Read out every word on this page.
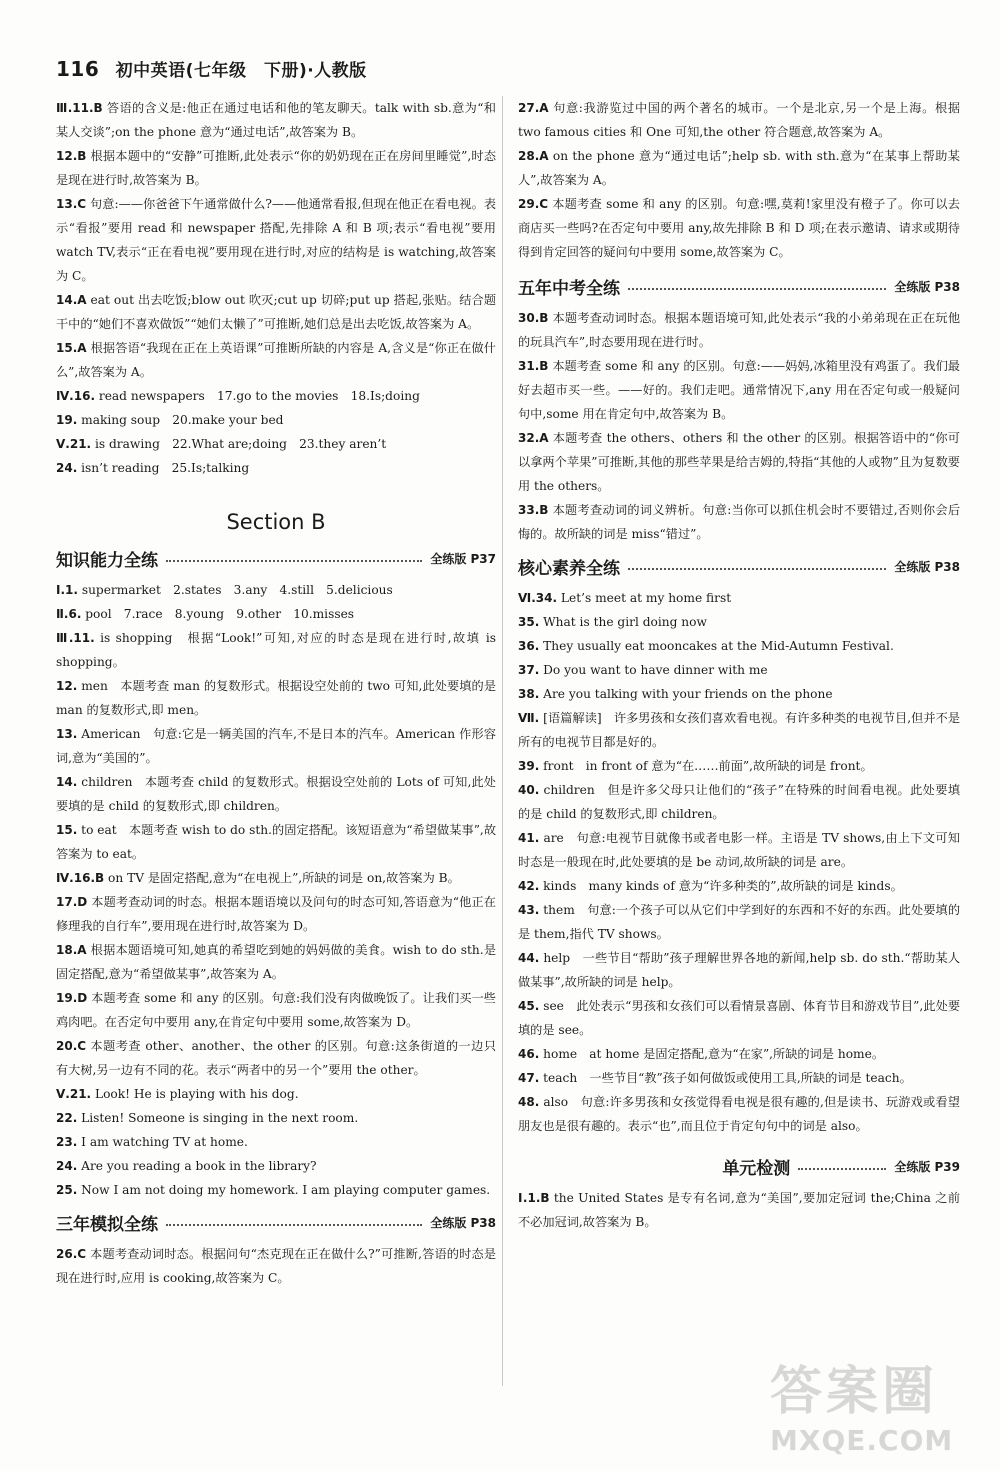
116 初中英语(七年级　下册)·人教版

Ⅲ.11.B 答语的含义是:他正在通过电话和他的笔友聊天。talk with sb.意为“和某人交谈”;on the phone 意为“通过电话”,故答案为 B。

12.B 根据本题中的“安静”可推断,此处表示“你的奶奶现在正在房间里睡觉”,时态是现在进行时,故答案为 B。

13.C 句意:——你爸爸下午通常做什么?——他通常看报,但现在他正在看电视。表示“看报”要用 read 和 newspaper 搭配,先排除 A 和 B 项;表示“看电视”要用 watch TV,表示“正在看电视”要用现在进行时,对应的结构是 is watching,故答案为 C。

14.A eat out 出去吃饭;blow out 吹灭;cut up 切碎;put up 搭起,张贴。结合题干中的“她们不喜欢做饭”“她们太懒了”可推断,她们总是出去吃饭,故答案为 A。

15.A 根据答语“我现在正在上英语课”可推断所缺的内容是 A,含义是“你正在做什么”,故答案为 A。

Ⅳ.16. read newspapers　17.go to the movies　18.Is;doing

19. making soup　20.make your bed

Ⅴ.21. is drawing　22.What are;doing　23.they aren’t

24. isn’t reading　25.Is;talking

Section B
知识能力全练	全练版 P37

Ⅰ.1. supermarket　2.states　3.any　4.still　5.delicious

Ⅱ.6. pool　7.race　8.young　9.other　10.misses

Ⅲ.11. is shopping　根据“Look!”可知,对应的时态是现在进行时,故填 is shopping。

12. men　本题考查 man 的复数形式。根据设空处前的 two 可知,此处要填的是 man 的复数形式,即 men。

13. American　句意:它是一辆美国的汽车,不是日本的汽车。American 作形容词,意为“美国的”。

14. children　本题考查 child 的复数形式。根据设空处前的 Lots of 可知,此处要填的是 child 的复数形式,即 children。

15. to eat　本题考查 wish to do sth.的固定搭配。该短语意为“希望做某事”,故答案为 to eat。

Ⅳ.16.B on TV 是固定搭配,意为“在电视上”,所缺的词是 on,故答案为 B。

17.D 本题考查动词的时态。根据本题语境以及问句的时态可知,答语意为“他正在修理我的自行车”,要用现在进行时,故答案为 D。

18.A 根据本题语境可知,她真的希望吃到她的妈妈做的美食。wish to do sth.是固定搭配,意为“希望做某事”,故答案为 A。

19.D 本题考查 some 和 any 的区别。句意:我们没有肉做晚饭了。让我们买一些鸡肉吧。在否定句中要用 any,在肯定句中要用 some,故答案为 D。

20.C 本题考查 other、another、the other 的区别。句意:这条街道的一边只有大树,另一边有不同的花。表示“两者中的另一个”要用 the other。

Ⅴ.21. Look! He is playing with his dog.

22. Listen! Someone is singing in the next room.

23. I am watching TV at home.

24. Are you reading a book in the library?

25. Now I am not doing my homework. I am playing computer games.

三年模拟全练	全练版 P38

26.C 本题考查动词时态。根据问句“杰克现在正在做什么?”可推断,答语的时态是现在进行时,应用 is cooking,故答案为 C。

27.A 句意:我游览过中国的两个著名的城市。一个是北京,另一个是上海。根据 two famous cities 和 One 可知,the other 符合题意,故答案为 A。

28.A on the phone 意为“通过电话”;help sb. with sth.意为“在某事上帮助某人”,故答案为 A。

29.C 本题考查 some 和 any 的区别。句意:嘿,莫莉!家里没有橙子了。你可以去商店买一些吗?在否定句中要用 any,故先排除 B 和 D 项;在表示邀请、请求或期待得到肯定回答的疑问句中要用 some,故答案为 C。

五年中考全练	全练版 P38

30.B 本题考查动词时态。根据本题语境可知,此处表示“我的小弟弟现在正在玩他的玩具汽车”,时态要用现在进行时。

31.B 本题考查 some 和 any 的区别。句意:——妈妈,冰箱里没有鸡蛋了。我们最好去超市买一些。——好的。我们走吧。通常情况下,any 用在否定句或一般疑问句中,some 用在肯定句中,故答案为 B。

32.A 本题考查 the others、others 和 the other 的区别。根据答语中的“你可以拿两个苹果”可推断,其他的那些苹果是给吉姆的,特指“其他的人或物”且为复数要用 the others。

33.B 本题考查动词的词义辨析。句意:当你可以抓住机会时不要错过,否则你会后悔的。故所缺的词是 miss“错过”。

核心素养全练	全练版 P38

Ⅵ.34. Let’s meet at my home first

35. What is the girl doing now

36. They usually eat mooncakes at the Mid-Autumn Festival.

37. Do you want to have dinner with me

38. Are you talking with your friends on the phone

Ⅶ. [语篇解读]　许多男孩和女孩们喜欢看电视。有许多种类的电视节目,但并不是所有的电视节目都是好的。

39. front　in front of 意为“在……前面”,故所缺的词是 front。

40. children　但是许多父母只让他们的“孩子”在特殊的时间看电视。此处要填的是 child 的复数形式,即 children。

41. are　句意:电视节目就像书或者电影一样。主语是 TV shows,由上下文可知时态是一般现在时,此处要填的是 be 动词,故所缺的词是 are。

42. kinds　many kinds of 意为“许多种类的”,故所缺的词是 kinds。

43. them　句意:一个孩子可以从它们中学到好的东西和不好的东西。此处要填的是 them,指代 TV shows。

44. help　一些节目“帮助”孩子理解世界各地的新闻,help sb. do sth.“帮助某人做某事”,故所缺的词是 help。

45. see　此处表示“男孩和女孩们可以看情景喜剧、体育节目和游戏节目”,此处要填的是 see。

46. home　at home 是固定搭配,意为“在家”,所缺的词是 home。

47. teach　一些节目“教”孩子如何做饭或使用工具,所缺的词是 teach。

48. also　句意:许多男孩和女孩觉得看电视是很有趣的,但是读书、玩游戏或看望朋友也是很有趣的。表示“也”,而且位于肯定句句中的词是 also。

单元检测	全练版 P39

Ⅰ.1.B the United States 是专有名词,意为“美国”,要加定冠词 the;China 之前不必加冠词,故答案为 B。

答案圈
MXQE.COM
